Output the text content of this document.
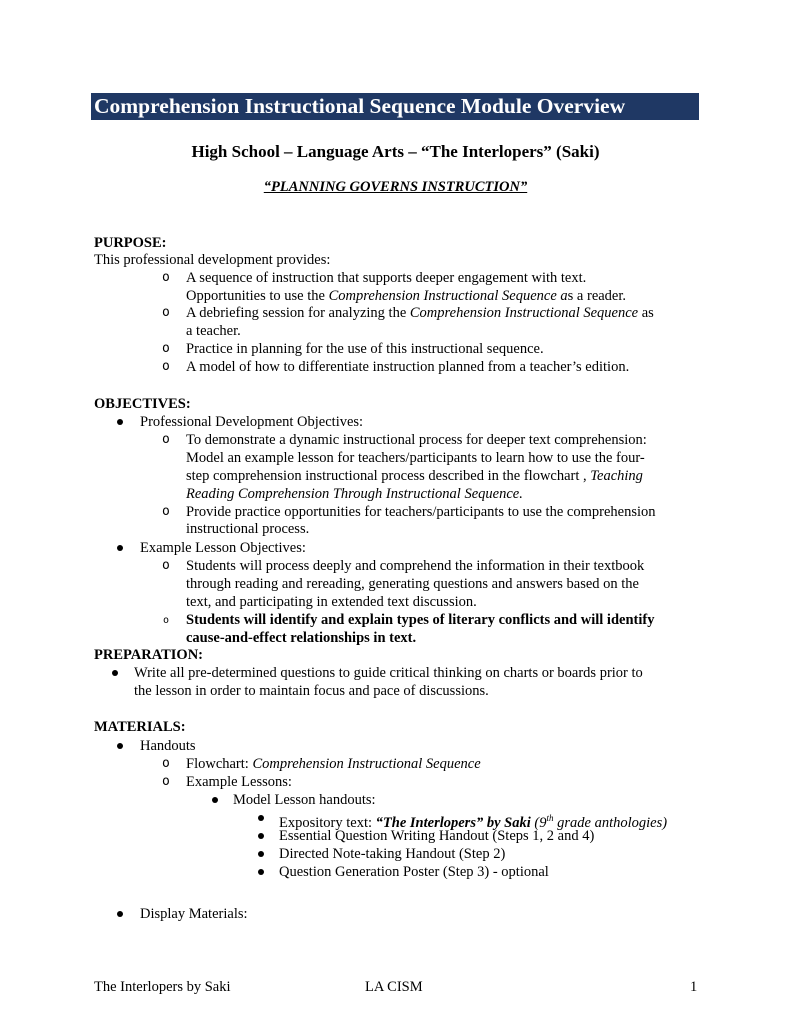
Comprehension Instructional Sequence Module Overview
High School – Language Arts – “The Interlopers” (Saki)
“PLANNING GOVERNS INSTRUCTION”
PURPOSE:
This professional development provides:
o A sequence of instruction that supports deeper engagement with text.
Opportunities to use the Comprehension Instructional Sequence as a reader.
o A debriefing session for analyzing the Comprehension Instructional Sequence as
a teacher.
o Practice in planning for the use of this instructional sequence.
o A model of how to differentiate instruction planned from a teacher’s edition.
OBJECTIVES:
Professional Development Objectives:
o To demonstrate a dynamic instructional process for deeper text comprehension:
Model an example lesson for teachers/participants to learn how to use the four-
step comprehension instructional process described in the flowchart , Teaching
Reading Comprehension Through Instructional Sequence.
o Provide practice opportunities for teachers/participants to use the comprehension
instructional process.
Example Lesson Objectives:
o Students will process deeply and comprehend the information in their textbook
through reading and rereading, generating questions and answers based on the
text, and participating in extended text discussion.
o Students will identify and explain types of literary conflicts and will identify
cause-and-effect relationships in text.
PREPARATION:
Write all pre-determined questions to guide critical thinking on charts or boards prior to
the lesson in order to maintain focus and pace of discussions.
MATERIALS:
Handouts
o Flowchart: Comprehension Instructional Sequence
o Example Lessons:
Model Lesson handouts:
Expository text: “The Interlopers” by Saki (9th grade anthologies)
Essential Question Writing Handout (Steps 1, 2 and 4)
Directed Note-taking Handout (Step 2)
Question Generation Poster (Step 3) - optional
Display Materials:
The Interlopers by Saki	LA CISM	1
